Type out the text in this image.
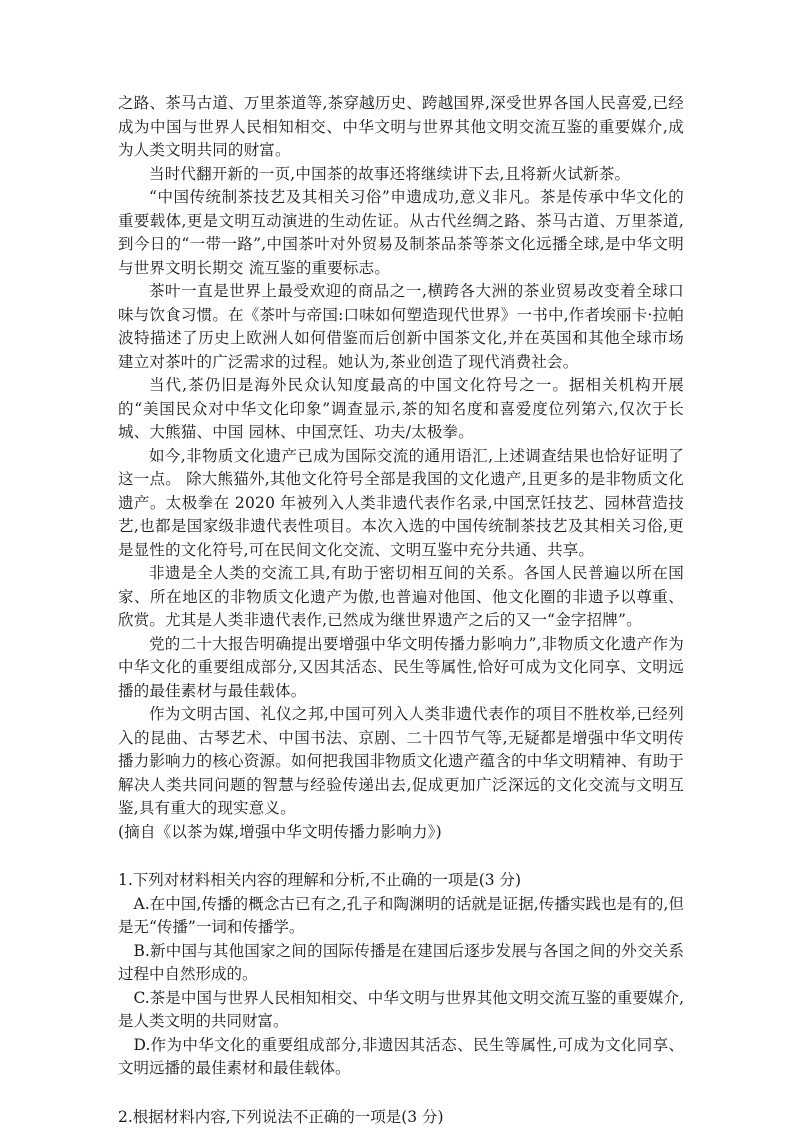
之路、茶马古道、万里茶道等,茶穿越历史、跨越国界,深受世界各国人民喜爱,已经成为中国与世界人民相知相交、中华文明与世界其他文明交流互鉴的重要媒介,成为人类文明共同的财富。

当时代翻开新的一页,中国茶的故事还将继续讲下去,且将新火试新茶。

“中国传统制茶技艺及其相关习俗”申遗成功,意义非凡。茶是传承中华文化的重要载体,更是文明互动演进的生动佐证。从古代丝绸之路、茶马古道、万里茶道,到今日的“一带一路”,中国茶叶对外贸易及制茶品茶等茶文化远播全球,是中华文明与世界文明长期交 流互鉴的重要标志。

茶叶一直是世界上最受欢迎的商品之一,横跨各大洲的茶业贸易改变着全球口味与饮食习惯。在《茶叶与帝国:口味如何塑造现代世界》一书中,作者埃丽卡·拉帕波特描述了历史上欧洲人如何借鉴而后创新中国茶文化,并在英国和其他全球市场建立对茶叶的广泛需求的过程。她认为,茶业创造了现代消费社会。

当代,茶仍旧是海外民众认知度最高的中国文化符号之一。据相关机构开展的“美国民众对中华文化印象”调查显示,茶的知名度和喜爱度位列第六,仅次于长城、大熊猫、中国 园林、中国烹饪、功夫/太极拳。

如今,非物质文化遗产已成为国际交流的通用语汇,上述调查结果也恰好证明了这一点。 除大熊猫外,其他文化符号全部是我国的文化遗产,且更多的是非物质文化遗产。太极拳在 2020 年被列入人类非遗代表作名录,中国烹饪技艺、园林营造技艺,也都是国家级非遗代表性项目。本次入选的中国传统制茶技艺及其相关习俗,更是显性的文化符号,可在民间文化交流、文明互鉴中充分共通、共享。

非遗是全人类的交流工具,有助于密切相互间的关系。各国人民普遍以所在国家、所在地区的非物质文化遗产为傲,也普遍对他国、他文化圈的非遗予以尊重、欣赏。尤其是人类非遗代表作,已然成为继世界遗产之后的又一“金字招牌”。

党的二十大报告明确提出要增强中华文明传播力影响力”,非物质文化遗产作为中华文化的重要组成部分,又因其活态、民生等属性,恰好可成为文化同享、文明远播的最佳素材与最佳载体。

作为文明古国、礼仪之邦,中国可列入人类非遗代表作的项目不胜枚举,已经列入的昆曲、古琴艺术、中国书法、京剧、二十四节气等,无疑都是增强中华文明传播力影响力的核心资源。如何把我国非物质文化遗产蕴含的中华文明精神、有助于解决人类共同问题的智慧与经验传递出去,促成更加广泛深远的文化交流与文明互鉴,具有重大的现实意义。

(摘自《以茶为媒,增强中华文明传播力影响力》)

1.下列对材料相关内容的理解和分析,不止确的一项是(3 分)

A.在中国,传播的概念古已有之,孔子和陶渊明的话就是证据,传播实践也是有的,但是无“传播”一词和传播学。

B.新中国与其他国家之间的国际传播是在建国后逐步发展与各国之间的外交关系过程中自然形成的。

C.茶是中国与世界人民相知相交、中华文明与世界其他文明交流互鉴的重要媒介,是人类文明的共同财富。

D.作为中华文化的重要组成部分,非遗因其活态、民生等属性,可成为文化同享、文明远播的最佳素材和最佳载体。

2.根据材料内容,下列说法不正确的一项是(3 分)
